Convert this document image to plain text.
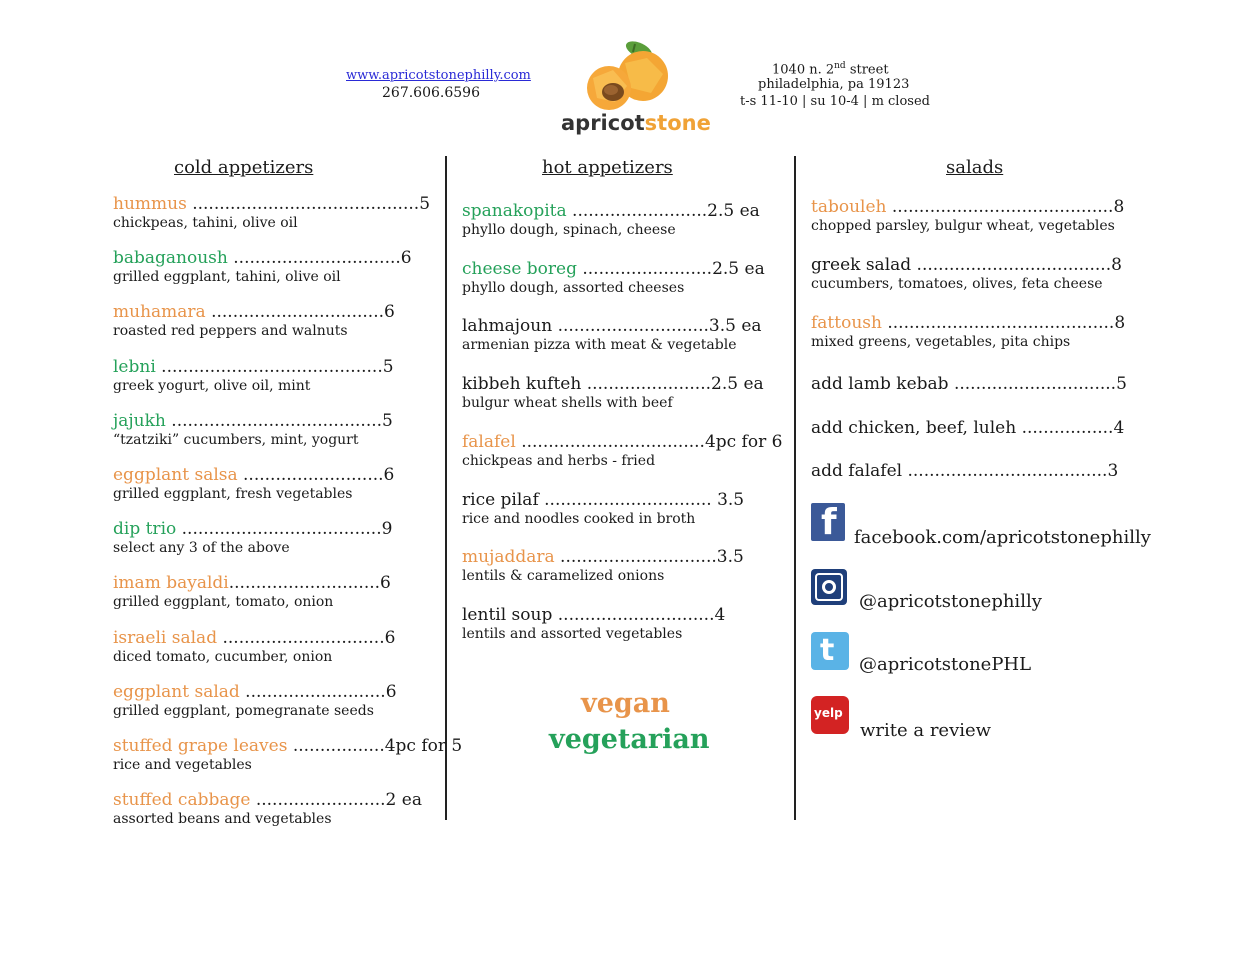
www.apricotstonephilly.com
267.606.6596
apricotstone
1040 n. 2nd street
philadelphia, pa 19123
t-s 11-10 | su 10-4 | m closed
cold appetizers	hot appetizers	salads
hummus ..........................................5
chickpeas, tahini, olive oil
babaganoush ...............................6
grilled eggplant, tahini, olive oil
muhamara ................................6
roasted red peppers and walnuts
lebni .........................................5
greek yogurt, olive oil, mint
jajukh .......................................5
“tzatziki” cucumbers, mint, yogurt
eggplant salsa ..........................6
grilled eggplant, fresh vegetables
dip trio .....................................9
select any 3 of the above
imam bayaldi............................6
grilled eggplant, tomato, onion
israeli salad ..............................6
diced tomato, cucumber, onion
eggplant salad ..........................6
grilled eggplant, pomegranate seeds
stuffed grape leaves .................4pc for 5
rice and vegetables
stuffed cabbage ........................2 ea
assorted beans and vegetables
spanakopita .........................2.5 ea
phyllo dough, spinach, cheese
cheese boreg ........................2.5 ea
phyllo dough, assorted cheeses
lahmajoun ............................3.5 ea
armenian pizza with meat & vegetable
kibbeh kufteh .......................2.5 ea
bulgur wheat shells with beef
falafel ..................................4pc for 6
chickpeas and herbs - fried
rice pilaf ............................... 3.5
rice and noodles cooked in broth
mujaddara .............................3.5
lentils & caramelized onions
lentil soup .............................4
lentils and assorted vegetables
tabouleh .........................................8
chopped parsley, bulgur wheat, vegetables
greek salad ....................................8
cucumbers, tomatoes, olives, feta cheese
fattoush ..........................................8
mixed greens, vegetables, pita chips
add lamb kebab ..............................5
add chicken, beef, luleh .................4
add falafel .....................................3
vegan
vegetarian
f facebook.com/apricotstonephilly
@apricotstonephilly
t @apricotstonePHL
yelp
write a review
